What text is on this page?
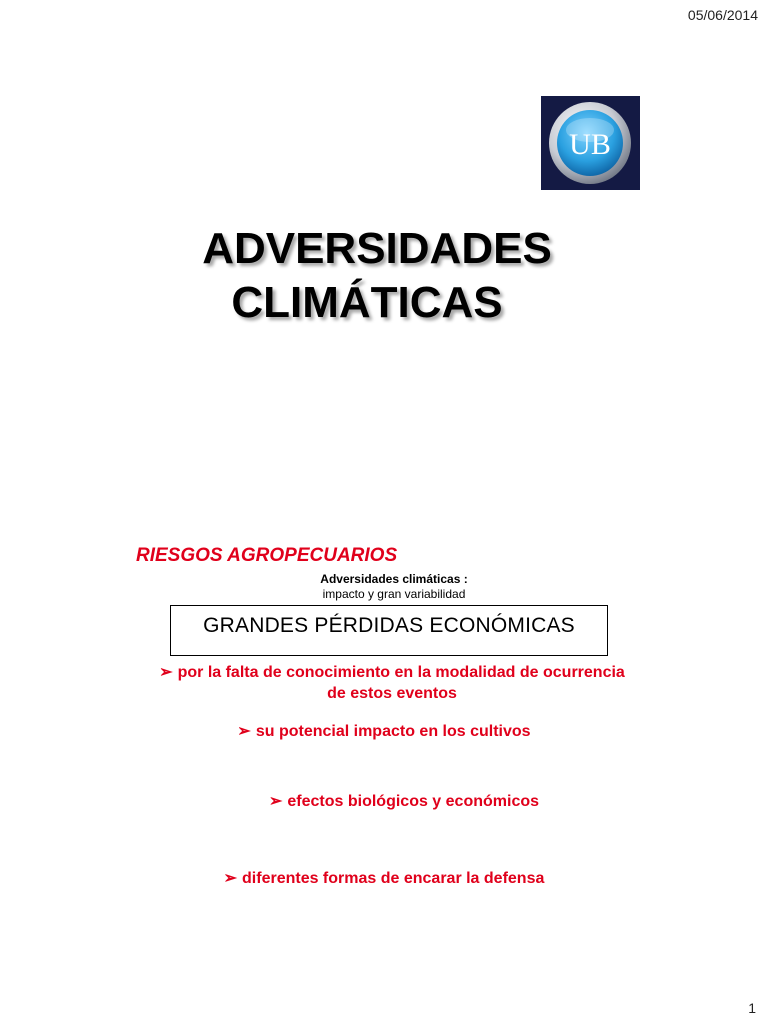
05/06/2014
UB
ADVERSIDADES
CLIMÁTICAS
RIESGOS AGROPECUARIOS
Adversidades climáticas :
impacto y gran variabilidad
GRANDES PÉRDIDAS ECONÓMICAS
➢ por la falta de conocimiento en la modalidad de ocurrencia
de estos eventos
➢ su potencial impacto en los cultivos
➢ efectos biológicos y económicos
➢ diferentes formas de encarar la defensa
1
